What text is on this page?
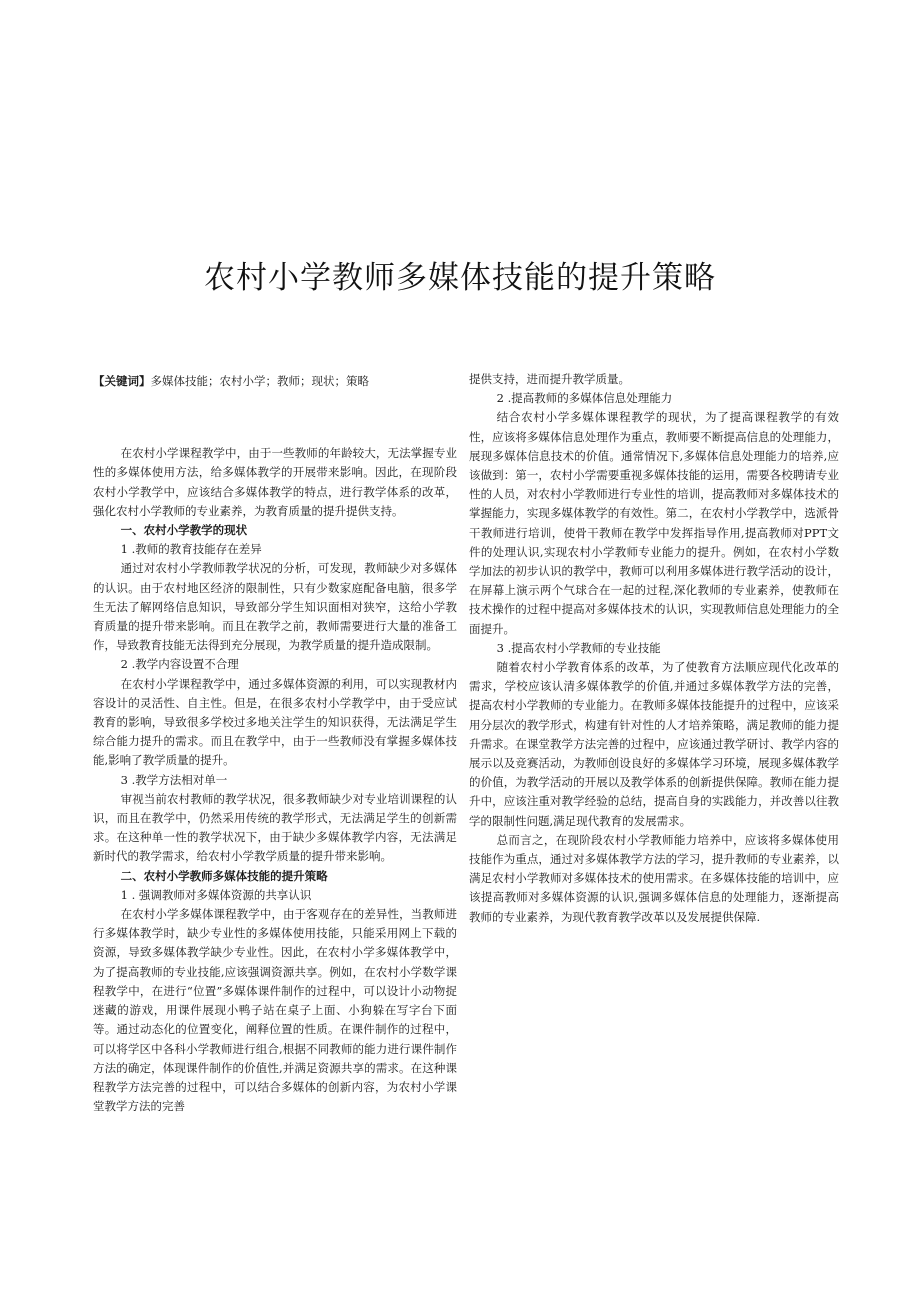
农村小学教师多媒体技能的提升策略

【关键词】多媒体技能；农村小学；教师；现状；策略

在农村小学课程教学中，由于一些教师的年龄较大，无法掌握专业性的多媒体使用方法，给多媒体教学的开展带来影响。因此，在现阶段农村小学教学中，应该结合多媒体教学的特点，进行教学体系的改革，强化农村小学教师的专业素养，为教育质量的提升提供支持。

一、农村小学教学的现状

1 .教师的教育技能存在差异

通过对农村小学教师教学状况的分析，可发现，教师缺少对多媒体的认识。由于农村地区经济的限制性，只有少数家庭配备电脑，很多学生无法了解网络信息知识，导致部分学生知识面相对狭窄，这给小学教育质量的提升带来影响。而且在教学之前，教师需要进行大量的准备工作，导致教育技能无法得到充分展现，为教学质量的提升造成限制。

2 .教学内容设置不合理

在农村小学课程教学中，通过多媒体资源的利用，可以实现教材内容设计的灵活性、自主性。但是，在很多农村小学教学中，由于受应试教育的影响，导致很多学校过多地关注学生的知识获得，无法满足学生综合能力提升的需求。而且在教学中，由于一些教师没有掌握多媒体技能,影响了教学质量的提升。

3 .教学方法相对单一

审视当前农村教师的教学状况，很多教师缺少对专业培训课程的认识，而且在教学中，仍然采用传统的教学形式，无法满足学生的创新需求。在这种单一性的教学状况下，由于缺少多媒体教学内容，无法满足新时代的教学需求，给农村小学教学质量的提升带来影响。

二、农村小学教师多媒体技能的提升策略

1 . 强调教师对多媒体资源的共享认识

在农村小学多媒体课程教学中，由于客观存在的差异性，当教师进行多媒体教学时，缺少专业性的多媒体使用技能，只能采用网上下载的资源，导致多媒体教学缺少专业性。因此，在农村小学多媒体教学中，为了提高教师的专业技能,应该强调资源共享。例如，在农村小学数学课程教学中，在进行“位置”多媒体课件制作的过程中，可以设计小动物捉迷藏的游戏，用课件展现小鸭子站在桌子上面、小狗躲在写字台下面等。通过动态化的位置变化，阐释位置的性质。在课件制作的过程中，可以将学区中各科小学教师进行组合,根据不同教师的能力进行课件制作方法的确定，体现课件制作的价值性,并满足资源共享的需求。在这种课程教学方法完善的过程中，可以结合多媒体的创新内容，为农村小学课堂教学方法的完善

提供支持，进而提升教学质量。

2 .提高教师的多媒体信息处理能力

结合农村小学多媒体课程教学的现状，为了提高课程教学的有效性，应该将多媒体信息处理作为重点，教师要不断提高信息的处理能力，展现多媒体信息技术的价值。通常情况下,多媒体信息处理能力的培养,应该做到：第一，农村小学需要重视多媒体技能的运用，需要各校聘请专业性的人员，对农村小学教师进行专业性的培训，提高教师对多媒体技术的掌握能力，实现多媒体教学的有效性。第二，在农村小学教学中，选派骨干教师进行培训，使骨干教师在教学中发挥指导作用,提高教师对PPT文件的处理认识,实现农村小学教师专业能力的提升。例如，在农村小学数学加法的初步认识的教学中，教师可以利用多媒体进行教学活动的设计，在屏幕上演示两个气球合在一起的过程,深化教师的专业素养，使教师在技术操作的过程中提高对多媒体技术的认识，实现教师信息处理能力的全面提升。

3 .提高农村小学教师的专业技能

随着农村小学教育体系的改革，为了使教育方法顺应现代化改革的需求，学校应该认清多媒体教学的价值,并通过多媒体教学方法的完善，提高农村小学教师的专业能力。在教师多媒体技能提升的过程中，应该采用分层次的教学形式，构建有针对性的人才培养策略，满足教师的能力提升需求。在课堂教学方法完善的过程中，应该通过教学研讨、教学内容的展示以及竞赛活动，为教师创设良好的多媒体学习环境，展现多媒体教学的价值，为教学活动的开展以及教学体系的创新提供保障。教师在能力提升中，应该注重对教学经验的总结，提高自身的实践能力，并改善以往教学的限制性问题,满足现代教育的发展需求。

总而言之，在现阶段农村小学教师能力培养中，应该将多媒体使用技能作为重点，通过对多媒体教学方法的学习，提升教师的专业素养，以满足农村小学教师对多媒体技术的使用需求。在多媒体技能的培训中，应该提高教师对多媒体资源的认识,强调多媒体信息的处理能力，逐渐提高教师的专业素养，为现代教育教学改革以及发展提供保障.
